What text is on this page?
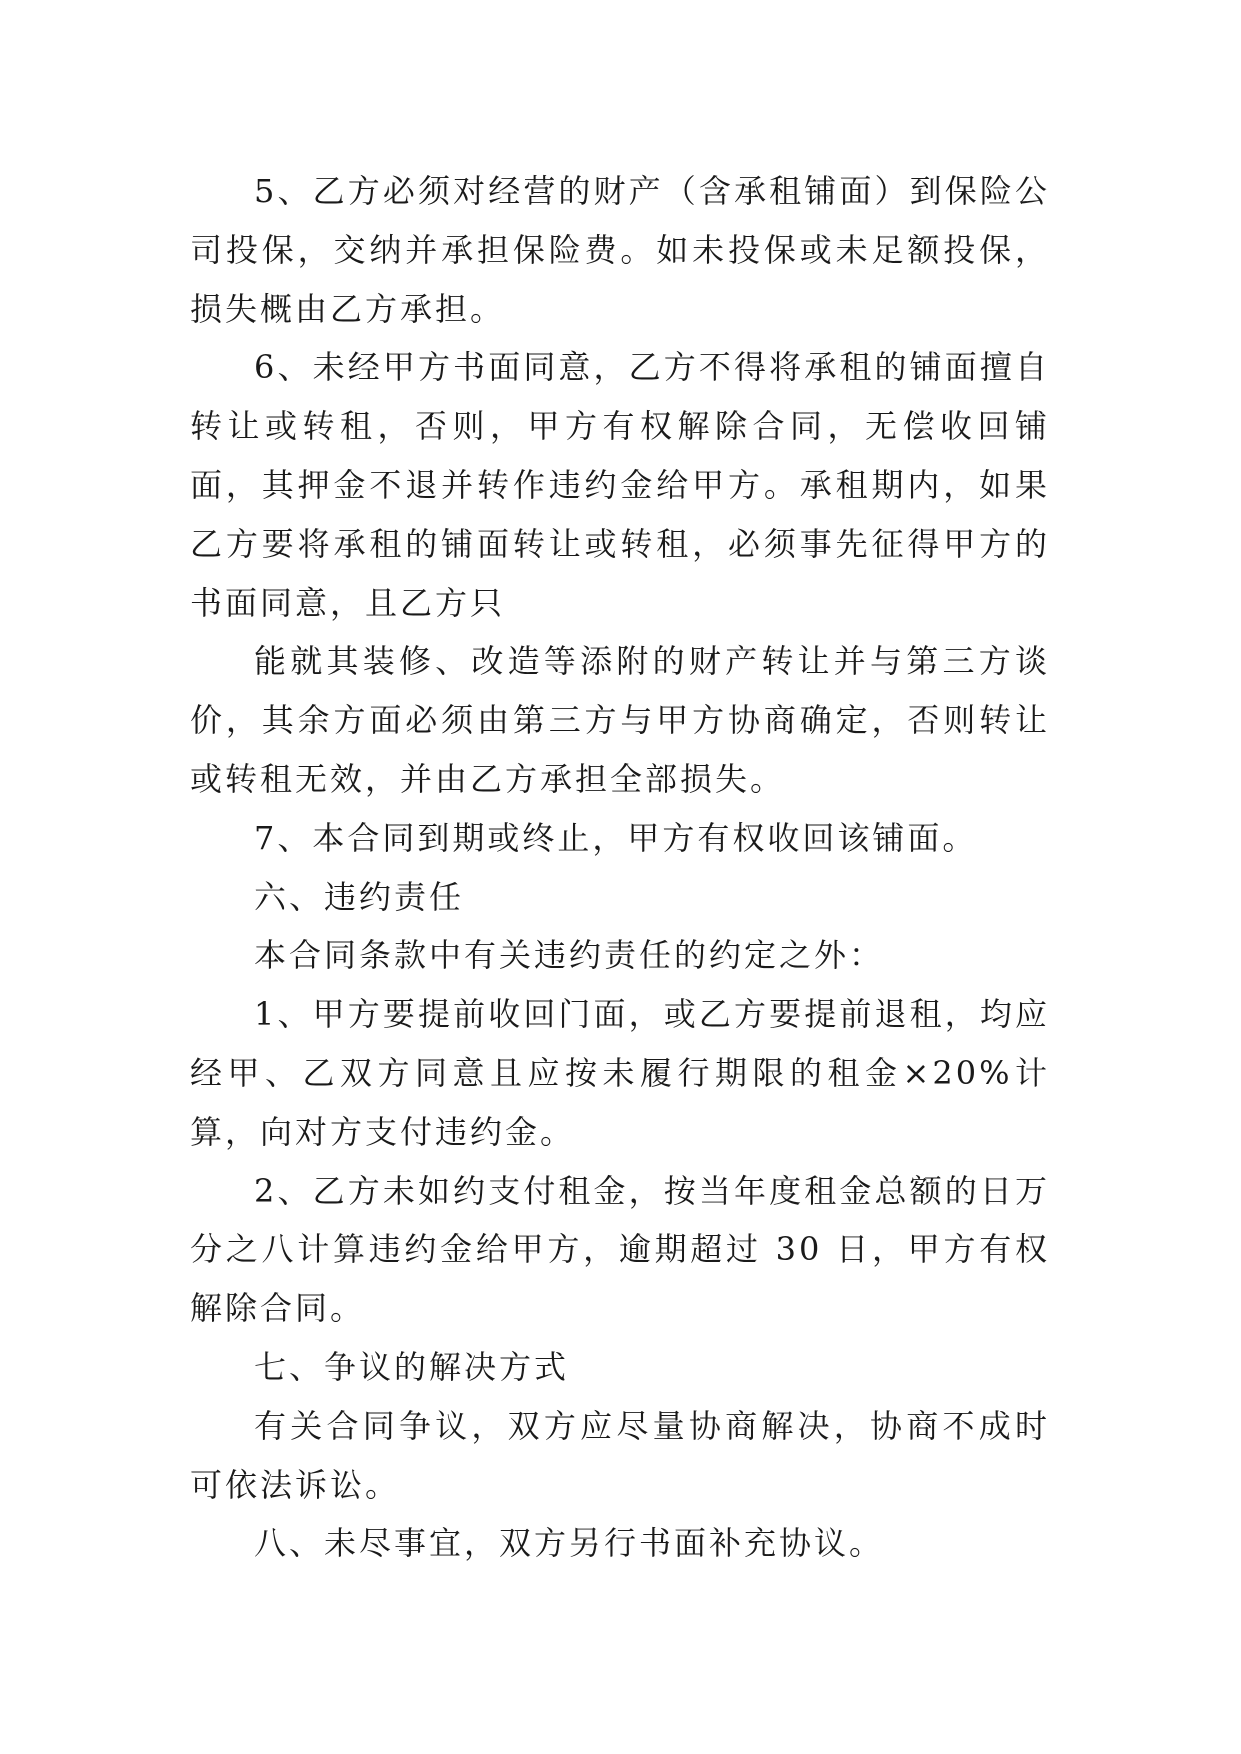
5、乙方必须对经营的财产（含承租铺面）到保险公司投保，交纳并承担保险费。如未投保或未足额投保，损失概由乙方承担。

6、未经甲方书面同意，乙方不得将承租的铺面擅自转让或转租，否则，甲方有权解除合同，无偿收回铺面，其押金不退并转作违约金给甲方。承租期内，如果乙方要将承租的铺面转让或转租，必须事先征得甲方的书面同意，且乙方只

能就其装修、改造等添附的财产转让并与第三方谈价，其余方面必须由第三方与甲方协商确定，否则转让或转租无效，并由乙方承担全部损失。

7、本合同到期或终止，甲方有权收回该铺面。

六、违约责任

本合同条款中有关违约责任的约定之外：

1、甲方要提前收回门面，或乙方要提前退租，均应经甲、乙双方同意且应按未履行期限的租金×20%计算，向对方支付违约金。

2、乙方未如约支付租金，按当年度租金总额的日万分之八计算违约金给甲方，逾期超过 30 日，甲方有权解除合同。

七、争议的解决方式

有关合同争议，双方应尽量协商解决，协商不成时可依法诉讼。

八、未尽事宜，双方另行书面补充协议。
